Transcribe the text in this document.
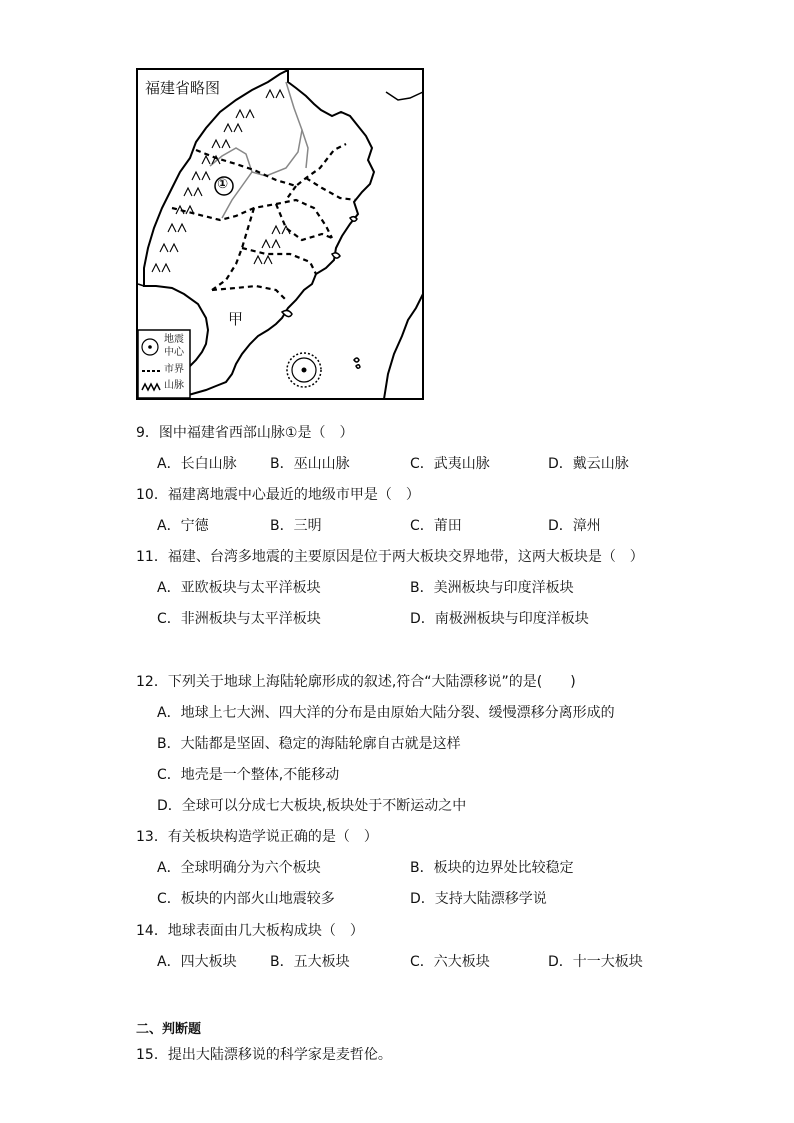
福建省略图
①
甲
地震
中心
市界
山脉
9．图中福建省西部山脉①是（　）
A．长白山脉 B．巫山山脉	C．武夷山脉	D．戴云山脉
10．福建离地震中心最近的地级市甲是（　）
A．宁德	B．三明	C．莆田	D．漳州
11．福建、台湾多地震的主要原因是位于两大板块交界地带，这两大板块是（　）
A．亚欧板块与太平洋板块	B．美洲板块与印度洋板块
C．非洲板块与太平洋板块	D．南极洲板块与印度洋板块
12．下列关于地球上海陆轮廓形成的叙述,符合“大陆漂移说”的是(　　)
A．地球上七大洲、四大洋的分布是由原始大陆分裂、缓慢漂移分离形成的
B．大陆都是坚固、稳定的海陆轮廓自古就是这样
C．地壳是一个整体,不能移动
D．全球可以分成七大板块,板块处于不断运动之中
13．有关板块构造学说正确的是（　）
A．全球明确分为六个板块	B．板块的边界处比较稳定
C．板块的内部火山地震较多	D．支持大陆漂移学说
14．地球表面由几大板构成块（　）
A．四大板块 B．五大板块	C．六大板块	D．十一大板块
二、判断题
15．提出大陆漂移说的科学家是麦哲伦。
